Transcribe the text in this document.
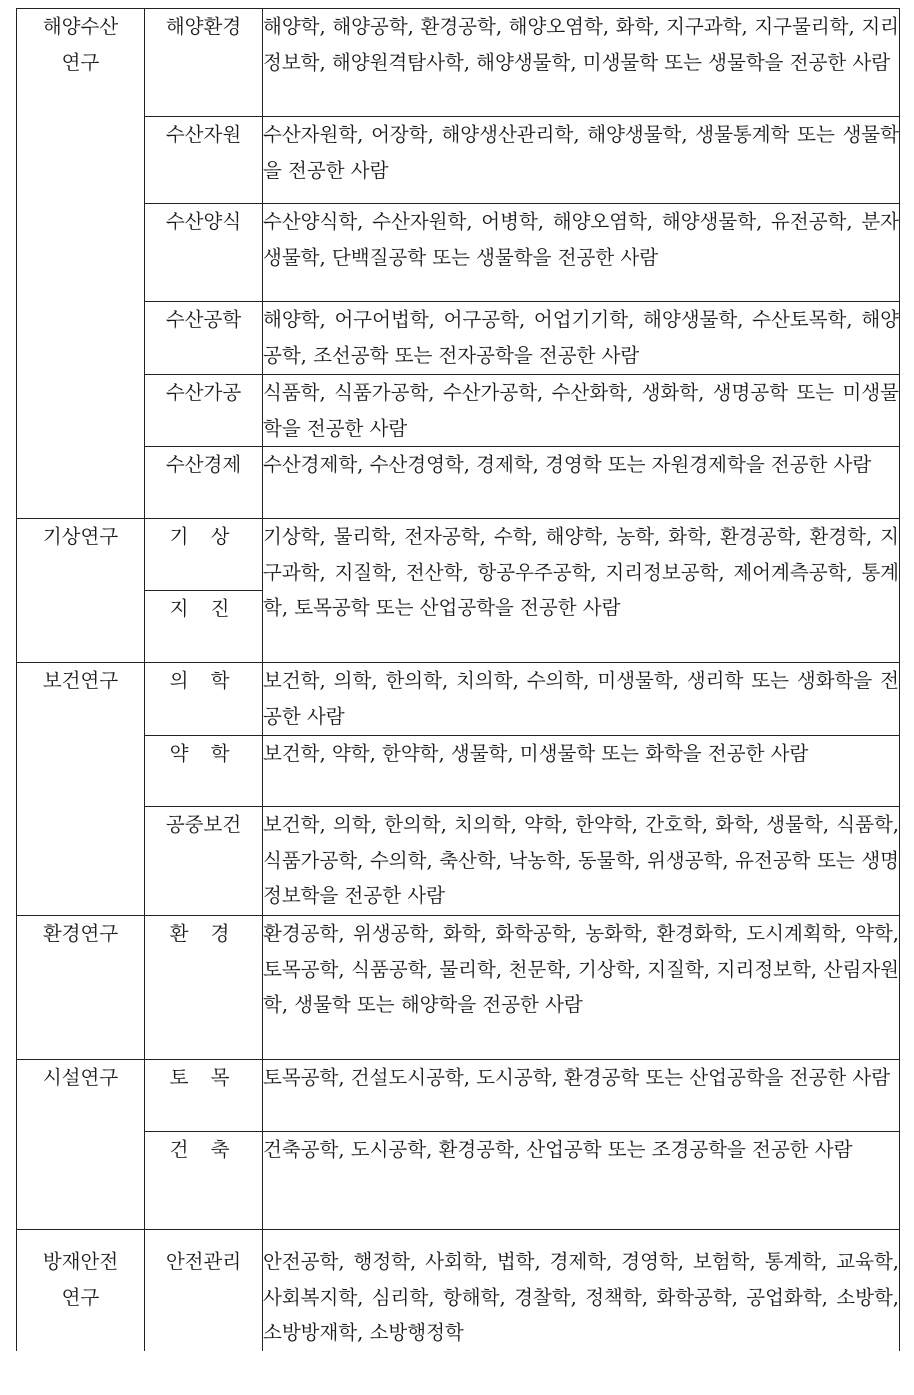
해양수산
연구	해양환경	해양학, 해양공학, 환경공학, 해양오염학, 화학, 지구과학, 지구물리학, 지리정보학, 해양원격탐사학, 해양생물학, 미생물학 또는 생물학을 전공한 사람
	수산자원	수산자원학, 어장학, 해양생산관리학, 해양생물학, 생물통계학 또는 생물학을 전공한 사람
	수산양식	수산양식학, 수산자원학, 어병학, 해양오염학, 해양생물학, 유전공학, 분자생물학, 단백질공학 또는 생물학을 전공한 사람
	수산공학	해양학, 어구어법학, 어구공학, 어업기기학, 해양생물학, 수산토목학, 해양공학, 조선공학 또는 전자공학을 전공한 사람
	수산가공	식품학, 식품가공학, 수산가공학, 수산화학, 생화학, 생명공학 또는 미생물학을 전공한 사람
	수산경제	수산경제학, 수산경영학, 경제학, 경영학 또는 자원경제학을 전공한 사람
기상연구	기 상	기상학, 물리학, 전자공학, 수학, 해양학, 농학, 화학, 환경공학, 환경학, 지구과학, 지질학, 전산학, 항공우주공학, 지리정보공학, 제어계측공학, 통계학, 토목공학 또는 산업공학을 전공한 사람
	지 진	
보건연구	의 학	보건학, 의학, 한의학, 치의학, 수의학, 미생물학, 생리학 또는 생화학을 전공한 사람
	약 학	보건학, 약학, 한약학, 생물학, 미생물학 또는 화학을 전공한 사람
	공중보건	보건학, 의학, 한의학, 치의학, 약학, 한약학, 간호학, 화학, 생물학, 식품학, 식품가공학, 수의학, 축산학, 낙농학, 동물학, 위생공학, 유전공학 또는 생명정보학을 전공한 사람
환경연구	환 경	환경공학, 위생공학, 화학, 화학공학, 농화학, 환경화학, 도시계획학, 약학, 토목공학, 식품공학, 물리학, 천문학, 기상학, 지질학, 지리정보학, 산림자원학, 생물학 또는 해양학을 전공한 사람
시설연구	토 목	토목공학, 건설도시공학, 도시공학, 환경공학 또는 산업공학을 전공한 사람
	건 축	건축공학, 도시공학, 환경공학, 산업공학 또는 조경공학을 전공한 사람
방재안전
연구	안전관리	안전공학, 행정학, 사회학, 법학, 경제학, 경영학, 보험학, 통계학, 교육학, 사회복지학, 심리학, 항해학, 경찰학, 정책학, 화학공학, 공업화학, 소방학, 소방방재학, 소방행정학
